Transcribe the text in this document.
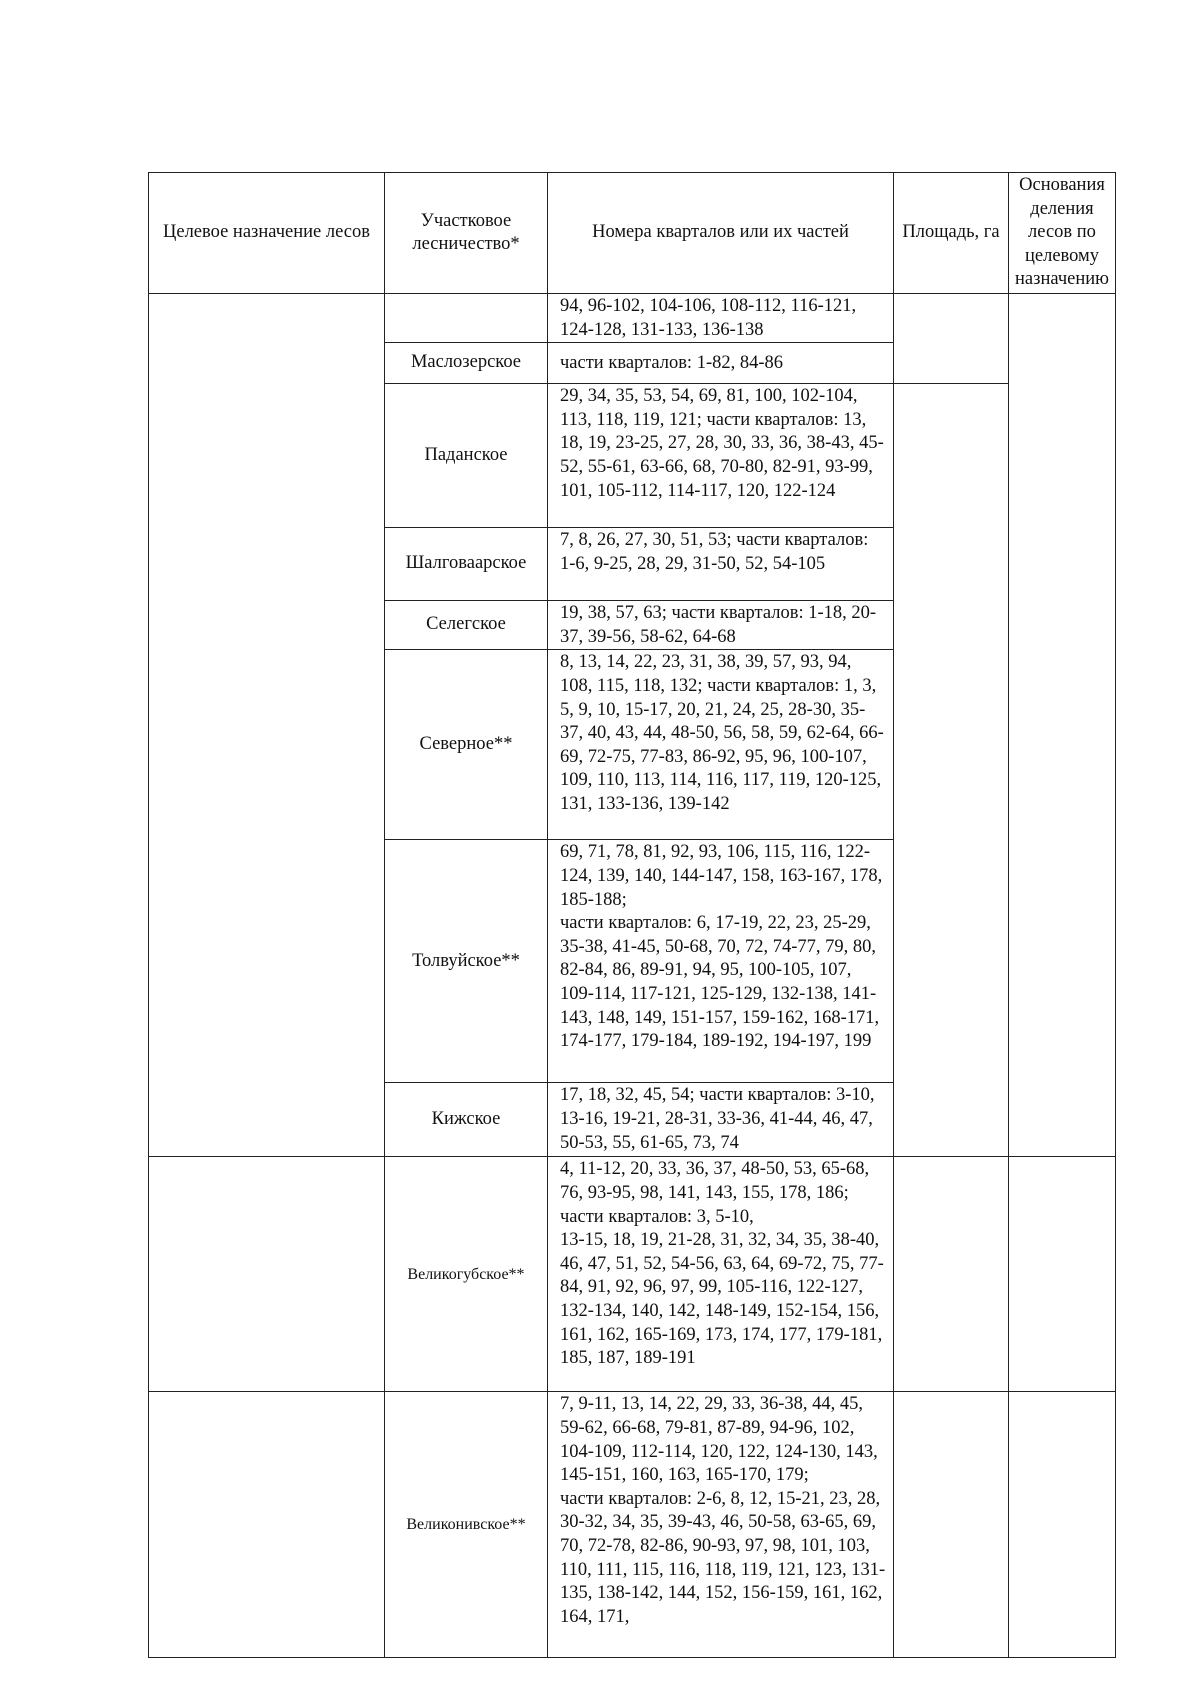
Целевое назначение лесов	Участковое лесничество*	Номера кварталов или их частей	Площадь, га	Основания деления лесов по целевому назначению

		94, 96-102, 104-106, 108-112, 116-121, 124-128, 131-133, 136-138		

	Маслозерское	части кварталов: 1-82, 84-86		

	Паданское	29, 34, 35, 53, 54, 69, 81, 100, 102-104, 113, 118, 119, 121; части кварталов: 13, 18, 19, 23-25, 27, 28, 30, 33, 36, 38-43, 45-52, 55-61, 63-66, 68, 70-80, 82-91, 93-99, 101, 105-112, 114-117, 120, 122-124		

	Шалговаарское	7, 8, 26, 27, 30, 51, 53; части кварталов: 1-6, 9-25, 28, 29, 31-50, 52, 54-105		

	Селегское	19, 38, 57, 63; части кварталов: 1-18, 20-37, 39-56, 58-62, 64-68		

	Северное**	8, 13, 14, 22, 23, 31, 38, 39, 57, 93, 94, 108, 115, 118, 132; части кварталов: 1, 3, 5, 9, 10, 15-17, 20, 21, 24, 25, 28-30, 35-37, 40, 43, 44, 48-50, 56, 58, 59, 62-64, 66-69, 72-75, 77-83, 86-92, 95, 96, 100-107, 109, 110, 113, 114, 116, 117, 119, 120-125, 131, 133-136, 139-142		

	Толвуйское**	69, 71, 78, 81, 92, 93, 106, 115, 116, 122-124, 139, 140, 144-147, 158, 163-167, 178, 185-188;
части кварталов: 6, 17-19, 22, 23, 25-29, 35-38, 41-45, 50-68, 70, 72, 74-77, 79, 80, 82-84, 86, 89-91, 94, 95, 100-105, 107, 109-114, 117-121, 125-129, 132-138, 141-143, 148, 149, 151-157, 159-162, 168-171, 174-177, 179-184, 189-192, 194-197, 199		

	Кижское	17, 18, 32, 45, 54; части кварталов: 3-10, 13-16, 19-21, 28-31, 33-36, 41-44, 46, 47, 50-53, 55, 61-65, 73, 74		

	Великогубское**	4, 11-12, 20, 33, 36, 37, 48-50, 53, 65-68, 76, 93-95, 98, 141, 143, 155, 178, 186; части кварталов: 3, 5-10,
13-15, 18, 19, 21-28, 31, 32, 34, 35, 38-40, 46, 47, 51, 52, 54-56, 63, 64, 69-72, 75, 77-84, 91, 92, 96, 97, 99, 105-116, 122-127, 132-134, 140, 142, 148-149, 152-154, 156, 161, 162, 165-169, 173, 174, 177, 179-181, 185, 187, 189-191		

	Великонивское**	7, 9-11, 13, 14, 22, 29, 33, 36-38, 44, 45, 59-62, 66-68, 79-81, 87-89, 94-96, 102, 104-109, 112-114, 120, 122, 124-130, 143, 145-151, 160, 163, 165-170, 179;
части кварталов: 2-6, 8, 12, 15-21, 23, 28, 30-32, 34, 35, 39-43, 46, 50-58, 63-65, 69, 70, 72-78, 82-86, 90-93, 97, 98, 101, 103, 110, 111, 115, 116, 118, 119, 121, 123, 131-135, 138-142, 144, 152, 156-159, 161, 162, 164, 171,		
